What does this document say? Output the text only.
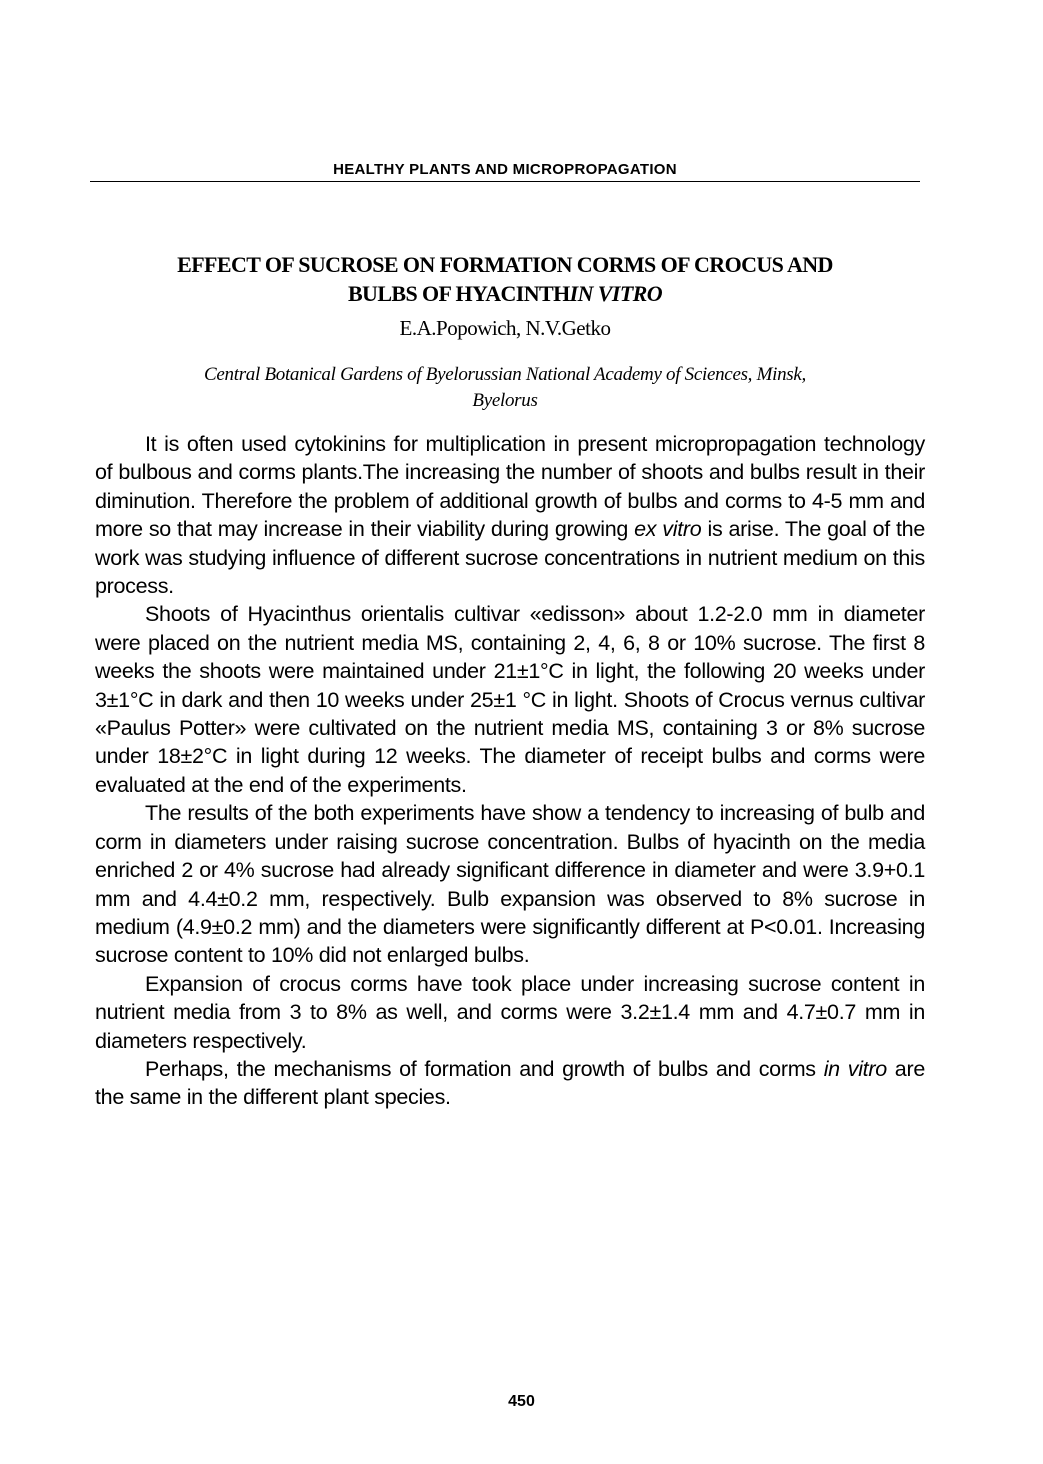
HEALTHY PLANTS AND MICROPROPAGATION
EFFECT OF SUCROSE ON FORMATION CORMS OF CROCUS AND
BULBS OF HYACINTHIN VITRO
E.A.Popowich, N.V.Getko
Central Botanical Gardens of Byelorussian National Academy of Sciences, Minsk,
Byelorus

It is often used cytokinins for multiplication in present micropropagation technology of bulbous and corms plants.The increasing the number of shoots and bulbs result in their diminution. Therefore the problem of additional growth of bulbs and corms to 4-5 mm and more so that may increase in their viability during growing ex vitro is arise. The goal of the work was studying influence of different sucrose concentrations in nutrient medium on this process.

Shoots of Hyacinthus orientalis cultivar «edisson» about 1.2-2.0 mm in diameter were placed on the nutrient media MS, containing 2, 4, 6, 8 or 10% sucrose. The first 8 weeks the shoots were maintained under 21±1°C in light, the following 20 weeks under 3±1°C in dark and then 10 weeks under 25±1 °C in light. Shoots of Crocus vernus cultivar «Paulus Potter» were cultivated on the nutrient media MS, containing 3 or 8% sucrose under 18±2°C in light during 12 weeks. The diameter of receipt bulbs and corms were evaluated at the end of the experiments.

The results of the both experiments have show a tendency to increasing of bulb and corm in diameters under raising sucrose concentration. Bulbs of hyacinth on the media enriched 2 or 4% sucrose had already significant difference in diameter and were 3.9+0.1 mm and 4.4±0.2 mm, respectively. Bulb expansion was observed to 8% sucrose in medium (4.9±0.2 mm) and the diameters were significantly different at P<0.01. Increasing sucrose content to 10% did not enlarged bulbs.

Expansion of crocus corms have took place under increasing sucrose content in nutrient media from 3 to 8% as well, and corms were 3.2±1.4 mm and 4.7±0.7 mm in diameters respectively.

Perhaps, the mechanisms of formation and growth of bulbs and corms in vitro are the same in the different plant species.

450
